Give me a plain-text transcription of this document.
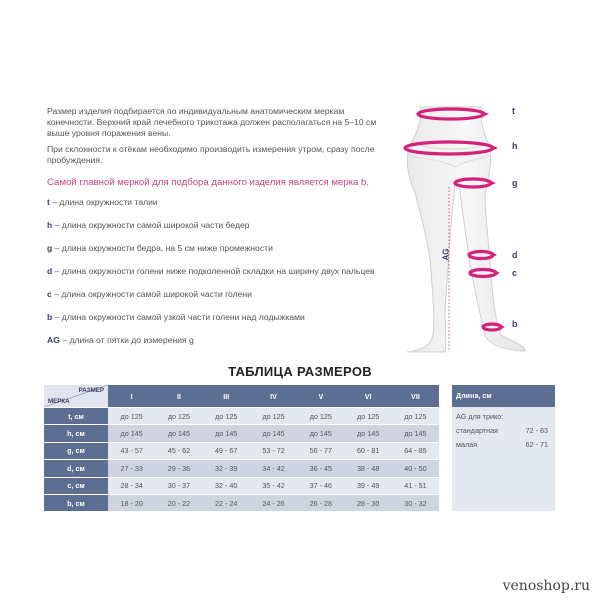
Размер изделия подбирается по индивидуальным анатомическим меркам конечности. Верхний край лечебного трикотажа должен располагаться на 5–10 см выше уровня поражения вены.

При склонности к отёкам необходимо производить измерения утром, сразу после пробуждения.

Самой главной меркой для подбора данного изделия является мерка b.

t – длина окружности талии
h – длина окружности самой широкой части бедер
g – длина окружности бедра, на 5 см ниже промежности
d – длина окружности голени ниже подколенной складки на ширину двух пальцев
c – длина окружности самой широкой части голени
b – длина окружности самой узкой части голени над лодыжками
AG – длина от пятки до измерения g
t
h
g
d
c
b
AG
ТАБЛИЦА РАЗМЕРОВ
РАЗМЕР
МЕРКА	I	II	III	IV	V	VI	VII
t, см	до 125	до 125	до 125	до 125	до 125	до 125	до 125
h, см	до 145	до 145	до 145	до 145	до 145	до 145	до 145
g, см	43 - 57	45 - 62	49 - 67	53 - 72	56 - 77	60 - 81	64 - 85
d, см	27 - 33	29 - 36	32 - 39	34 - 42	36 - 45	38 - 48	40 - 50
c, см	28 - 34	30 - 37	32 - 40	35 - 42	37 - 46	39 - 49	41 - 51
b, см	18 - 20	20 - 22	22 - 24	24 - 26	26 - 28	28 - 30	30 - 32
Длина, см
AG для трико:
стандартная	72 - 83
малая	62 - 71
venoshop.ru
